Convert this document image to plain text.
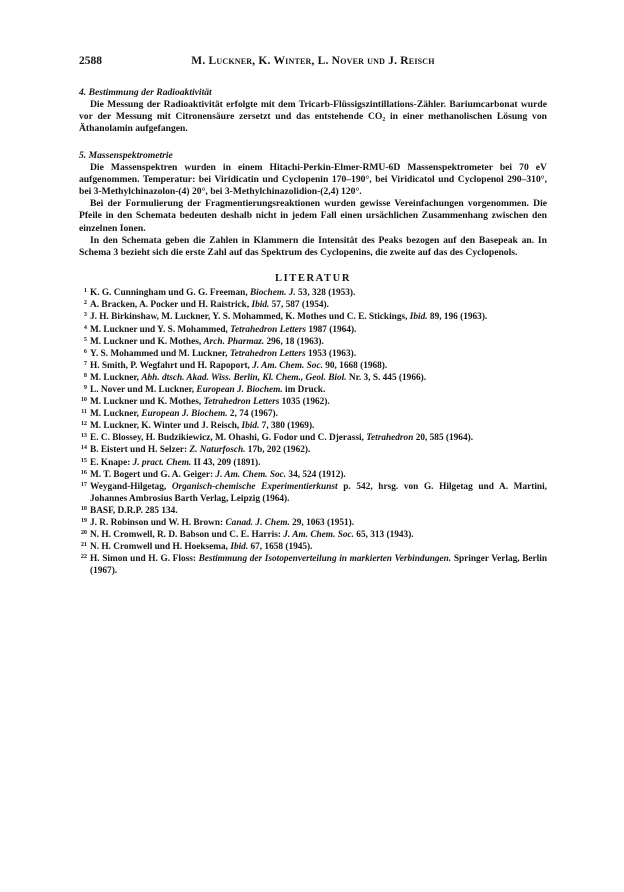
2588	M. Luckner, K. Winter, L. Nover und J. Reisch
4. Bestimmung der Radioaktivität

Die Messung der Radioaktivität erfolgte mit dem Tricarb-Flüssigszintillations-Zähler. Bariumcarbonat wurde vor der Messung mit Citronensäure zersetzt und das entstehende CO₂ in einer methanolischen Lösung von Äthanolamin aufgefangen.

5. Massenspektrometrie

Die Massenspektren wurden in einem Hitachi-Perkin-Elmer-RMU-6D Massenspektrometer bei 70 eV aufgenommen. Temperatur: bei Viridicatin und Cyclopenin 170–190°, bei Viridicatol und Cyclopenol 290–310°, bei 3-Methylchinazolon-(4) 20°, bei 3-Methylchinazolidion-(2,4) 120°.

Bei der Formulierung der Fragmentierungsreaktionen wurden gewisse Vereinfachungen vorgenommen. Die Pfeile in den Schemata bedeuten deshalb nicht in jedem Fall einen ursächlichen Zusammenhang zwischen den einzelnen Ionen.

In den Schemata geben die Zahlen in Klammern die Intensität des Peaks bezogen auf den Basepeak an. In Schema 3 bezieht sich die erste Zahl auf das Spektrum des Cyclopenins, die zweite auf das des Cyclopenols.

LITERATUR
1 K. G. Cunningham und G. G. Freeman, Biochem. J. 53, 328 (1953).
2 A. Bracken, A. Pocker und H. Raistrick, Ibid. 57, 587 (1954).
3 J. H. Birkinshaw, M. Luckner, Y. S. Mohammed, K. Mothes und C. E. Stickings, Ibid. 89, 196 (1963).
4 M. Luckner und Y. S. Mohammed, Tetrahedron Letters 1987 (1964).
5 M. Luckner und K. Mothes, Arch. Pharmaz. 296, 18 (1963).
6 Y. S. Mohammed und M. Luckner, Tetrahedron Letters 1953 (1963).
7 H. Smith, P. Wegfahrt und H. Rapoport, J. Am. Chem. Soc. 90, 1668 (1968).
8 M. Luckner, Abh. dtsch. Akad. Wiss. Berlin, Kl. Chem., Geol. Biol. Nr. 3, S. 445 (1966).
9 L. Nover und M. Luckner, European J. Biochem. im Druck.
10 M. Luckner und K. Mothes, Tetrahedron Letters 1035 (1962).
11 M. Luckner, European J. Biochem. 2, 74 (1967).
12 M. Luckner, K. Winter und J. Reisch, Ibid. 7, 380 (1969).
13 E. C. Blossey, H. Budzikiewicz, M. Ohashi, G. Fodor und C. Djerassi, Tetrahedron 20, 585 (1964).
14 B. Eistert und H. Selzer: Z. Naturfosch. 17b, 202 (1962).
15 E. Knape: J. pract. Chem. II 43, 209 (1891).
16 M. T. Bogert und G. A. Geiger: J. Am. Chem. Soc. 34, 524 (1912).
17 Weygand-Hilgetag, Organisch-chemische Experimentierkunst p. 542, hrsg. von G. Hilgetag und A. Martini, Johannes Ambrosius Barth Verlag, Leipzig (1964).
18 BASF, D.R.P. 285 134.
19 J. R. Robinson und W. H. Brown: Canad. J. Chem. 29, 1063 (1951).
20 N. H. Cromwell, R. D. Babson und C. E. Harris: J. Am. Chem. Soc. 65, 313 (1943).
21 N. H. Cromwell und H. Hoeksema, Ibid. 67, 1658 (1945).
22 H. Simon und H. G. Floss: Bestimmung der Isotopenverteilung in markierten Verbindungen. Springer Verlag, Berlin (1967).
